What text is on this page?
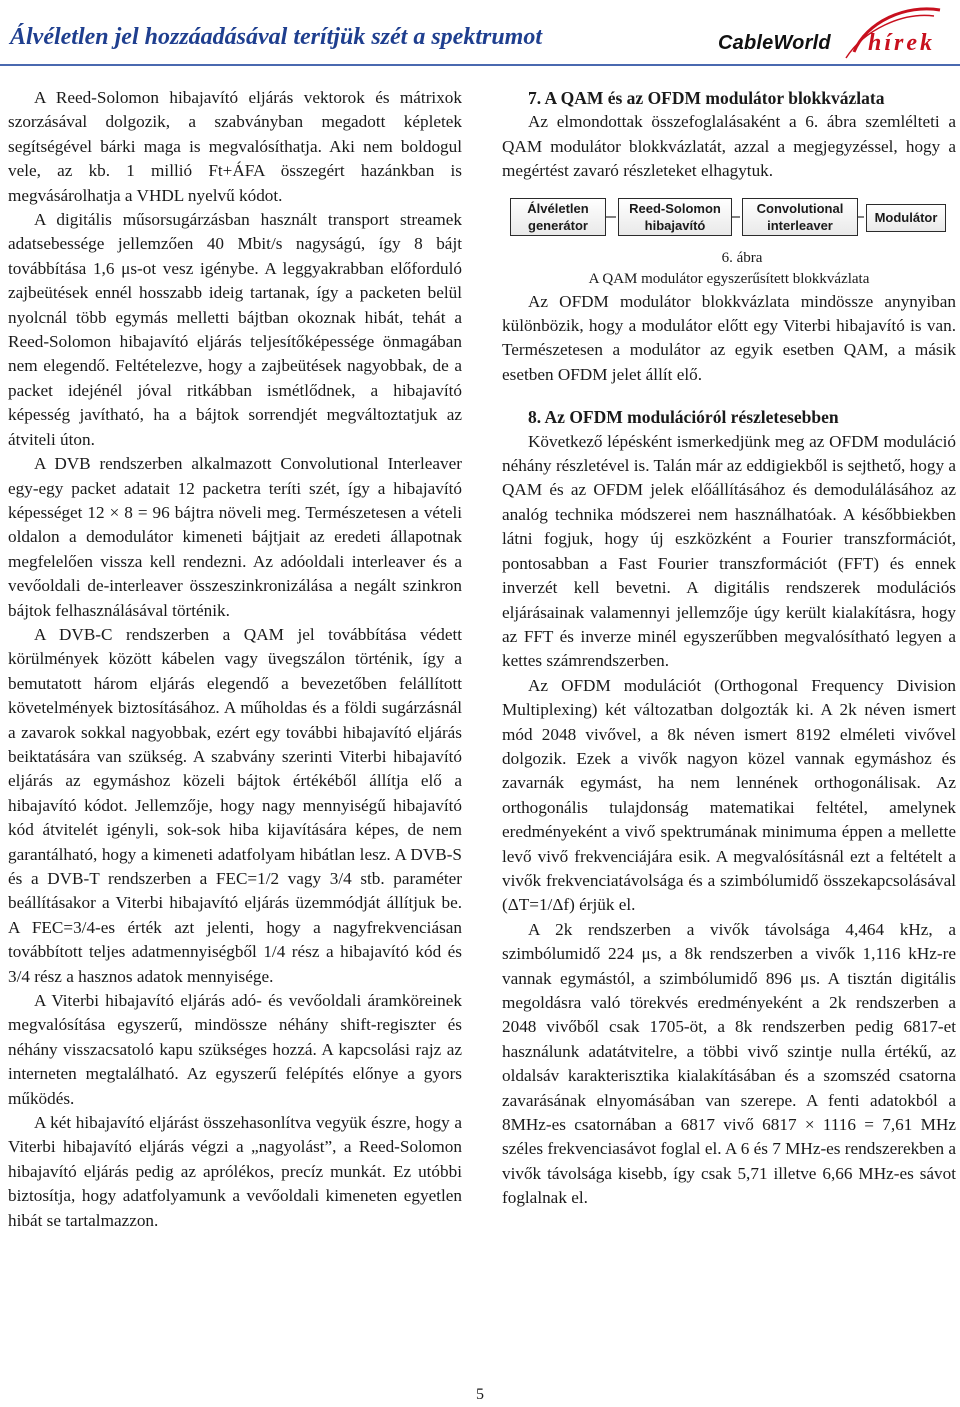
Álvéletlen jel hozzáadásával terítjük szét a spektrumot	CableWorld hírek

A Reed-Solomon hibajavító eljárás vektorok és mátrixok szorzásával dolgozik, a szabványban megadott képletek segítségével bárki maga is megvalósíthatja. Aki nem boldogul vele, az kb. 1 millió Ft+ÁFA összegért hazánkban is megvásárolhatja a VHDL nyelvű kódot.

A digitális műsorsugárzásban használt transport streamek adatsebessége jellemzően 40 Mbit/s nagyságú, így 8 bájt továbbítása 1,6 μs-ot vesz igénybe. A leggyakrabban előforduló zajbeütések ennél hosszabb ideig tartanak, így a packeten belül nyolcnál több egymás melletti bájtban okoznak hibát, tehát a Reed-Solomon hibajavító eljárás teljesítőképessége önmagában nem elegendő. Feltételezve, hogy a zajbeütések nagyobbak, de a packet idejénél jóval ritkábban ismétlődnek, a hibajavító képesség javítható, ha a bájtok sorrendjét megváltoztatjuk az átviteli úton.

A DVB rendszerben alkalmazott Convolutional Interleaver egy-egy packet adatait 12 packetra teríti szét, így a hibajavító képességet 12 × 8 = 96 bájtra növeli meg. Természetesen a vételi oldalon a demodulátor kimeneti bájtjait az eredeti állapotnak megfelelően vissza kell rendezni. Az adóoldali interleaver és a vevőoldali de-interleaver összeszinkronizálása a negált szinkron bájtok felhasználásával történik.

A DVB-C rendszerben a QAM jel továbbítása védett körülmények között kábelen vagy üvegszálon történik, így a bemutatott három eljárás elegendő a bevezetőben felállított követelmények biztosításához. A műholdas és a földi sugárzásnál a zavarok sokkal nagyobbak, ezért egy további hibajavító eljárás beiktatására van szükség. A szabvány szerinti Viterbi hibajavító eljárás az egymáshoz közeli bájtok értékéből állítja elő a hibajavító kódot. Jellemzője, hogy nagy mennyiségű hibajavító kód átvitelét igényli, sok-sok hiba kijavítására képes, de nem garantálható, hogy a kimeneti adatfolyam hibátlan lesz. A DVB-S és a DVB-T rendszerben a FEC=1/2 vagy 3/4 stb. paraméter beállításakor a Viterbi hibajavító eljárás üzemmódját állítjuk be. A FEC=3/4-es érték azt jelenti, hogy a nagyfrekvenciásan továbbított teljes adatmennyiségből 1/4 rész a hibajavító kód és 3/4 rész a hasznos adatok mennyisége.

A Viterbi hibajavító eljárás adó- és vevőoldali áramköreinek megvalósítása egyszerű, mindössze néhány shift-regiszter és néhány visszacsatoló kapu szükséges hozzá. A kapcsolási rajz az interneten megtalálható. Az egyszerű felépítés előnye a gyors működés.

A két hibajavító eljárást összehasonlítva vegyük észre, hogy a Viterbi hibajavító eljárás végzi a „nagyolást”, a Reed-Solomon hibajavító eljárás pedig az aprólékos, precíz munkát. Ez utóbbi biztosítja, hogy adatfolyamunk a vevőoldali kimeneten egyetlen hibát se tartalmazzon.

7. A QAM és az OFDM modulátor blokkvázlata

Az elmondottak összefoglalásaként a 6. ábra szemlélteti a QAM modulátor blokkvázlatát, azzal a megjegyzéssel, hogy a megértést zavaró részleteket elhagytuk.

Álvéletlen generátor
Reed-Solomon hibajavító
Convolutional interleaver	Modulátor

6. ábra
A QAM modulátor egyszerűsített blokkvázlata

Az OFDM modulátor blokkvázlata mindössze anynyiban különbözik, hogy a modulátor előtt egy Viterbi hibajavító is van. Természetesen a modulátor az egyik esetben QAM, a másik esetben OFDM jelet állít elő.

8. Az OFDM modulációról részletesebben

Következő lépésként ismerkedjünk meg az OFDM moduláció néhány részletével is. Talán már az eddigiekből is sejthető, hogy a QAM és az OFDM jelek előállításához és demodulálásához az analóg technika módszerei nem használhatóak. A későbbiekben látni fogjuk, hogy új eszközként a Fourier transzformációt, pontosabban a Fast Fourier transzformációt (FFT) és ennek inverzét kell bevetni. A digitális rendszerek modulációs eljárásainak valamennyi jellemzője úgy került kialakításra, hogy az FFT és inverze minél egyszerűbben megvalósítható legyen a kettes számrendszerben.

Az OFDM modulációt (Orthogonal Frequency Division Multiplexing) két változatban dolgozták ki. A 2k néven ismert mód 2048 vivővel, a 8k néven ismert 8192 elméleti vivővel dolgozik. Ezek a vivők nagyon közel vannak egymáshoz és zavarnák egymást, ha nem lennének orthogonálisak. Az orthogonális tulajdonság matematikai feltétel, amelynek eredményeként a vivő spektrumának minimuma éppen a mellette levő vivő frekvenciájára esik. A megvalósításnál ezt a feltételt a vivők frekvenciatávolsága és a szimbólumidő összekapcsolásával (ΔT=1/Δf) érjük el.

A 2k rendszerben a vivők távolsága 4,464 kHz, a szimbólumidő 224 μs, a 8k rendszerben a vivők 1,116 kHz-re vannak egymástól, a szimbólumidő 896 μs. A tisztán digitális megoldásra való törekvés eredményeként a 2k rendszerben a 2048 vivőből csak 1705-öt, a 8k rendszerben pedig 6817-et használunk adatátvitelre, a többi vivő szintje nulla értékű, az oldalsáv karakterisztika kialakításában és a szomszéd csatorna zavarásának elnyomásában van szerepe. A fenti adatokból a 8MHz-es csatornában a 6817 vivő 6817 × 1116 = 7,61 MHz széles frekvenciasávot foglal el. A 6 és 7 MHz-es rendszerekben a vivők távolsága kisebb, így csak 5,71 illetve 6,66 MHz-es sávot foglalnak el.

5
